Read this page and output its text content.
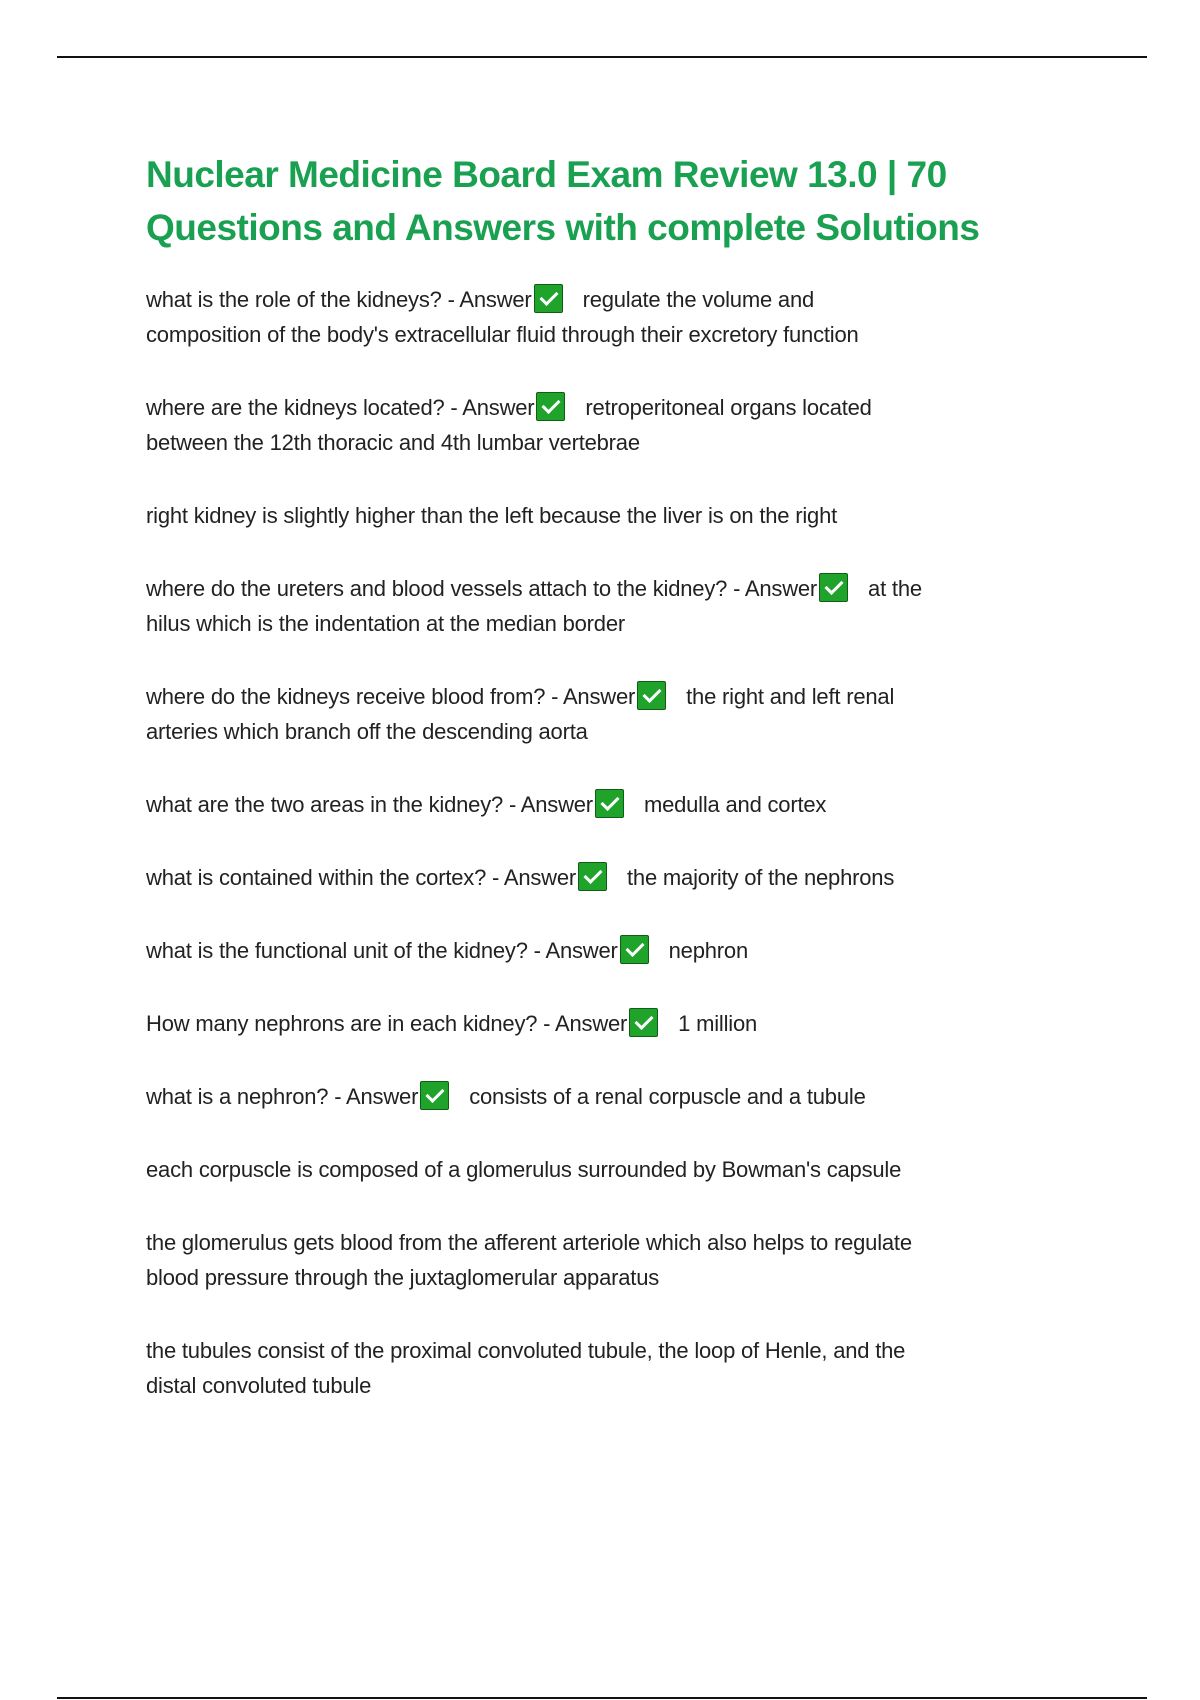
Nuclear Medicine Board Exam Review 13.0 | 70
Questions and Answers with complete Solutions
what is the role of the kidneys? - Answer regulate the volume and
composition of the body's extracellular fluid through their excretory function
where are the kidneys located? - Answer retroperitoneal organs located
between the 12th thoracic and 4th lumbar vertebrae
right kidney is slightly higher than the left because the liver is on the right
where do the ureters and blood vessels attach to the kidney? - Answer at the
hilus which is the indentation at the median border
where do the kidneys receive blood from? - Answer the right and left renal
arteries which branch off the descending aorta
what are the two areas in the kidney? - Answer medulla and cortex
what is contained within the cortex? - Answer the majority of the nephrons
what is the functional unit of the kidney? - Answer nephron
How many nephrons are in each kidney? - Answer 1 million
what is a nephron? - Answer consists of a renal corpuscle and a tubule
each corpuscle is composed of a glomerulus surrounded by Bowman's capsule
the glomerulus gets blood from the afferent arteriole which also helps to regulate
blood pressure through the juxtaglomerular apparatus
the tubules consist of the proximal convoluted tubule, the loop of Henle, and the
distal convoluted tubule
